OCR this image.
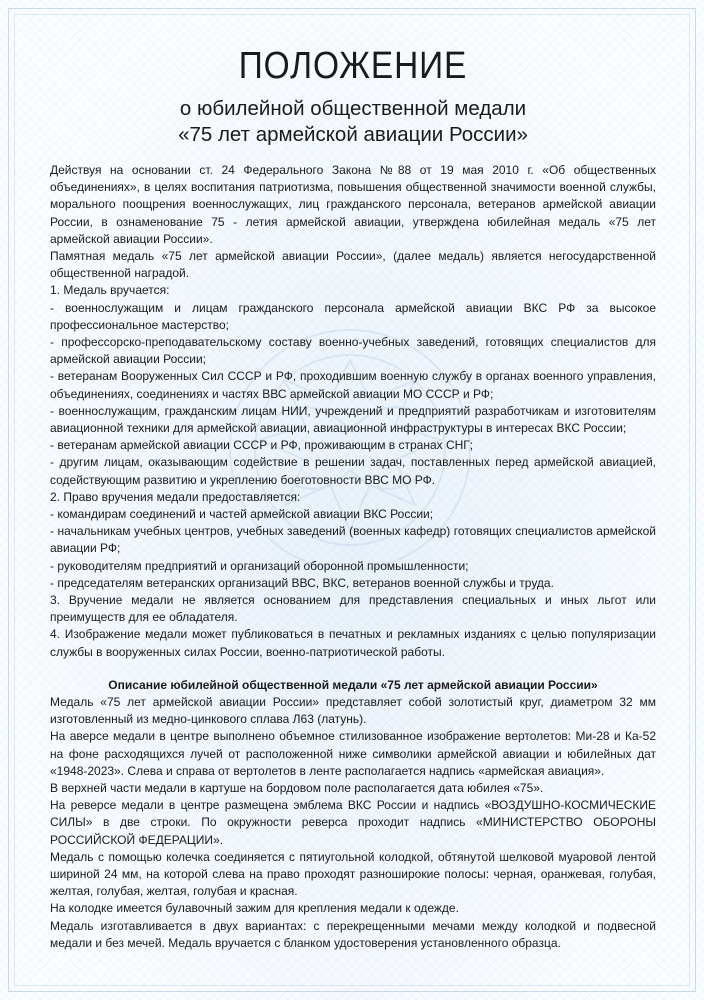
ПОЛОЖЕНИЕ
о юбилейной общественной медали
«75 лет армейской авиации России»

Действуя на основании ст. 24 Федерального Закона №88 от 19 мая 2010 г. «Об общественных объединениях», в целях воспитания патриотизма, повышения общественной значимости военной службы, морального поощрения военнослужащих, лиц гражданского персонала, ветеранов армейской авиации России, в ознаменование 75 - летия армейской авиации, утверждена юбилейная медаль «75 лет армейской авиации России».

Памятная медаль «75 лет армейской авиации России», (далее медаль) является негосударственной общественной наградой.

1. Медаль вручается:

- военнослужащим и лицам гражданского персонала армейской авиации ВКС РФ за высокое профессиональное мастерство;

- профессорско-преподавательскому составу военно-учебных заведений, готовящих специалистов для армейской авиации России;

- ветеранам Вооруженных Сил СССР и РФ, проходившим военную службу в органах военного управления, объединениях, соединениях и частях ВВС армейской авиации МО СССР и РФ;

- военнослужащим, гражданским лицам НИИ, учреждений и предприятий разработчикам и изготовителям авиационной техники для армейской авиации, авиационной инфраструктуры в интересах ВКС России;

- ветеранам армейской авиации СССР и РФ, проживающим в странах СНГ;

- другим лицам, оказывающим содействие в решении задач, поставленных перед армейской авиацией, содействующим развитию и укреплению боеготовности ВВС МО РФ.

2. Право вручения медали предоставляется:

- командирам соединений и частей армейской авиации ВКС России;

- начальникам учебных центров, учебных заведений (военных кафедр) готовящих специалистов армейской авиации РФ;

- руководителям предприятий и организаций оборонной промышленности;

- председателям ветеранских организаций ВВС, ВКС, ветеранов военной службы и труда.

3. Вручение медали не является основанием для представления специальных и иных льгот или преимуществ для ее обладателя.

4. Изображение медали может публиковаться в печатных и рекламных изданиях с целью популяризации службы в вооруженных силах России, военно-патриотической работы.

Описание юбилейной общественной медали «75 лет армейской авиации России»

Медаль «75 лет армейской авиации России» представляет собой золотистый круг, диаметром 32 мм изготовленный из медно-цинкового сплава Л63 (латунь).

На аверсе медали в центре выполнено объемное стилизованное изображение вертолетов: Ми-28 и Ка-52 на фоне расходящихся лучей от расположенной ниже символики армейской авиации и юбилейных дат «1948-2023». Слева и справа от вертолетов в ленте располагается надпись «армейская авиация».

В верхней части медали в картуше на бордовом поле располагается дата юбилея «75».

На реверсе медали в центре размещена эмблема ВКС России и надпись «ВОЗДУШНО-КОСМИЧЕСКИЕ СИЛЫ» в две строки. По окружности реверса проходит надпись «МИНИСТЕРСТВО ОБОРОНЫ РОССИЙСКОЙ ФЕДЕРАЦИИ».

Медаль с помощью колечка соединяется с пятиугольной колодкой, обтянутой шелковой муаровой лентой шириной 24 мм, на которой слева на право проходят разноширокие полосы: черная, оранжевая, голубая, желтая, голубая, желтая, голубая и красная.

На колодке имеется булавочный зажим для крепления медали к одежде.

Медаль изготавливается в двух вариантах: с перекрещенными мечами между колодкой и подвесной медали и без мечей. Медаль вручается с бланком удостоверения установленного образца.
